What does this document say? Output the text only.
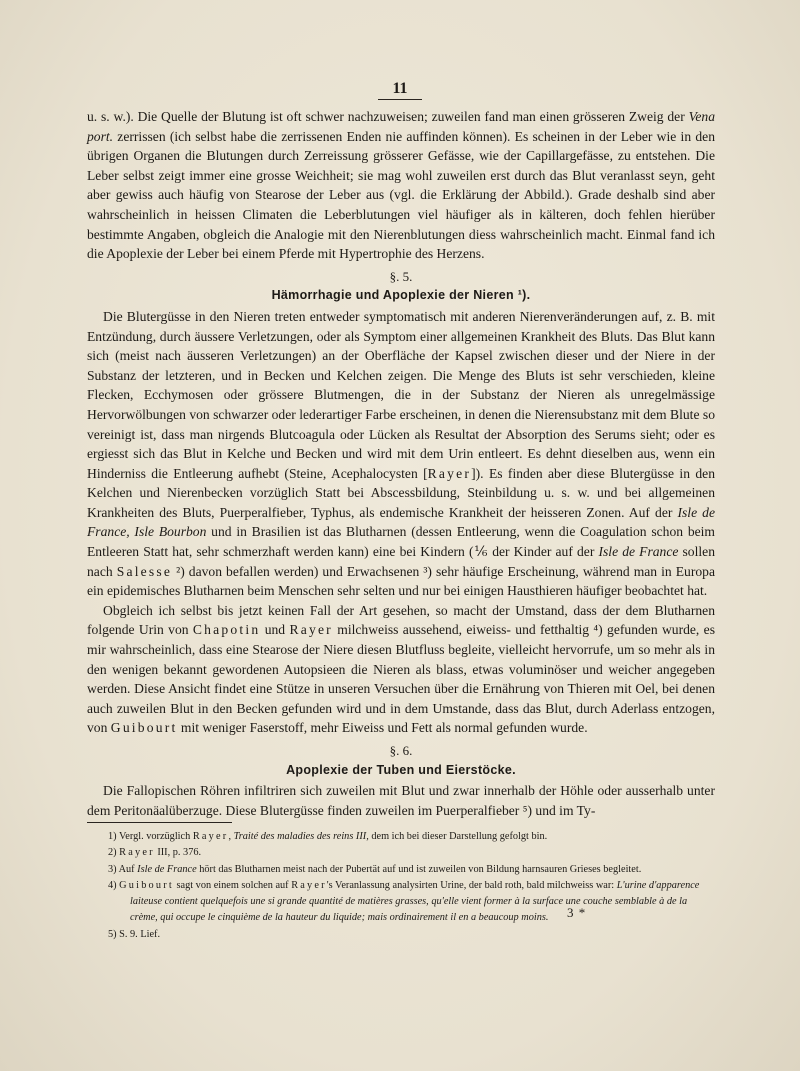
11

u. s. w.). Die Quelle der Blutung ist oft schwer nachzuweisen; zuweilen fand man einen grösseren Zweig der Vena port. zerrissen (ich selbst habe die zerrissenen Enden nie auffinden können). Es scheinen in der Leber wie in den übrigen Organen die Blutungen durch Zerreissung grösserer Gefässe, wie der Capillargefässe, zu entstehen. Die Leber selbst zeigt immer eine grosse Weichheit; sie mag wohl zuweilen erst durch das Blut veranlasst seyn, geht aber gewiss auch häufig von Stearose der Leber aus (vgl. die Erklärung der Abbild.). Grade deshalb sind aber wahrscheinlich in heissen Climaten die Leberblutungen viel häufiger als in kälteren, doch fehlen hierüber bestimmte Angaben, obgleich die Analogie mit den Nierenblutungen diess wahrscheinlich macht. Einmal fand ich die Apoplexie der Leber bei einem Pferde mit Hypertrophie des Herzens.

§. 5.
Hämorrhagie und Apoplexie der Nieren ¹).

Die Blutergüsse in den Nieren treten entweder symptomatisch mit anderen Nierenveränderungen auf, z. B. mit Entzündung, durch äussere Verletzungen, oder als Symptom einer allgemeinen Krankheit des Bluts. Das Blut kann sich (meist nach äusseren Verletzungen) an der Oberfläche der Kapsel zwischen dieser und der Niere in der Substanz der letzteren, und in Becken und Kelchen zeigen. Die Menge des Bluts ist sehr verschieden, kleine Flecken, Ecchymosen oder grössere Blutmengen, die in der Substanz der Nieren als unregelmässige Hervorwölbungen von schwarzer oder lederartiger Farbe erscheinen, in denen die Nierensubstanz mit dem Blute so vereinigt ist, dass man nirgends Blutcoagula oder Lücken als Resultat der Absorption des Serums sieht; oder es ergiesst sich das Blut in Kelche und Becken und wird mit dem Urin entleert. Es dehnt dieselben aus, wenn ein Hinderniss die Entleerung aufhebt (Steine, Acephalocysten [Rayer]). Es finden aber diese Blutergüsse in den Kelchen und Nierenbecken vorzüglich Statt bei Abscessbildung, Steinbildung u. s. w. und bei allgemeinen Krankheiten des Bluts, Puerperalfieber, Typhus, als endemische Krankheit der heisseren Zonen. Auf der Isle de France, Isle Bourbon und in Brasilien ist das Blutharnen (dessen Entleerung, wenn die Coagulation schon beim Entleeren Statt hat, sehr schmerzhaft werden kann) eine bei Kindern (⅙ der Kinder auf der Isle de France sollen nach Salesse ²) davon befallen werden) und Erwachsenen ³) sehr häufige Erscheinung, während man in Europa ein epidemisches Blutharnen beim Menschen sehr selten und nur bei einigen Hausthieren häufiger beobachtet hat.

Obgleich ich selbst bis jetzt keinen Fall der Art gesehen, so macht der Umstand, dass der dem Blutharnen folgende Urin von Chapotin und Rayer milchweiss aussehend, eiweiss- und fetthaltig ⁴) gefunden wurde, es mir wahrscheinlich, dass eine Stearose der Niere diesen Blutfluss begleite, vielleicht hervorrufe, um so mehr als in den wenigen bekannt gewordenen Autopsieen die Nieren als blass, etwas voluminöser und weicher angegeben werden. Diese Ansicht findet eine Stütze in unseren Versuchen über die Ernährung von Thieren mit Oel, bei denen auch zuweilen Blut in den Becken gefunden wird und in dem Umstande, dass das Blut, durch Aderlass entzogen, von Guibourt mit weniger Faserstoff, mehr Eiweiss und Fett als normal gefunden wurde.

§. 6.
Apoplexie der Tuben und Eierstöcke.

Die Fallopischen Röhren infiltriren sich zuweilen mit Blut und zwar innerhalb der Höhle oder ausserhalb unter dem Peritonäalüberzuge. Diese Blutergüsse finden zuweilen im Puerperalfieber ⁵) und im Ty-

1) Vergl. vorzüglich Rayer, Traité des maladies des reins III, dem ich bei dieser Darstellung gefolgt bin.
2) Rayer III, p. 376.
3) Auf Isle de France hört das Blutharnen meist nach der Pubertät auf und ist zuweilen von Bildung harnsauren Grieses begleitet.
4) Guibourt sagt von einem solchen auf Rayer's Veranlassung analysirten Urine, der bald roth, bald milchweiss war: L'urine d'apparence laiteuse contient quelquefois une si grande quantité de matières grasses, qu'elle vient former à la surface une couche semblable à de la crème, qui occupe le cinquième de la hauteur du liquide; mais ordinairement il en a beaucoup moins.
5) S. 9. Lief.
3 *
